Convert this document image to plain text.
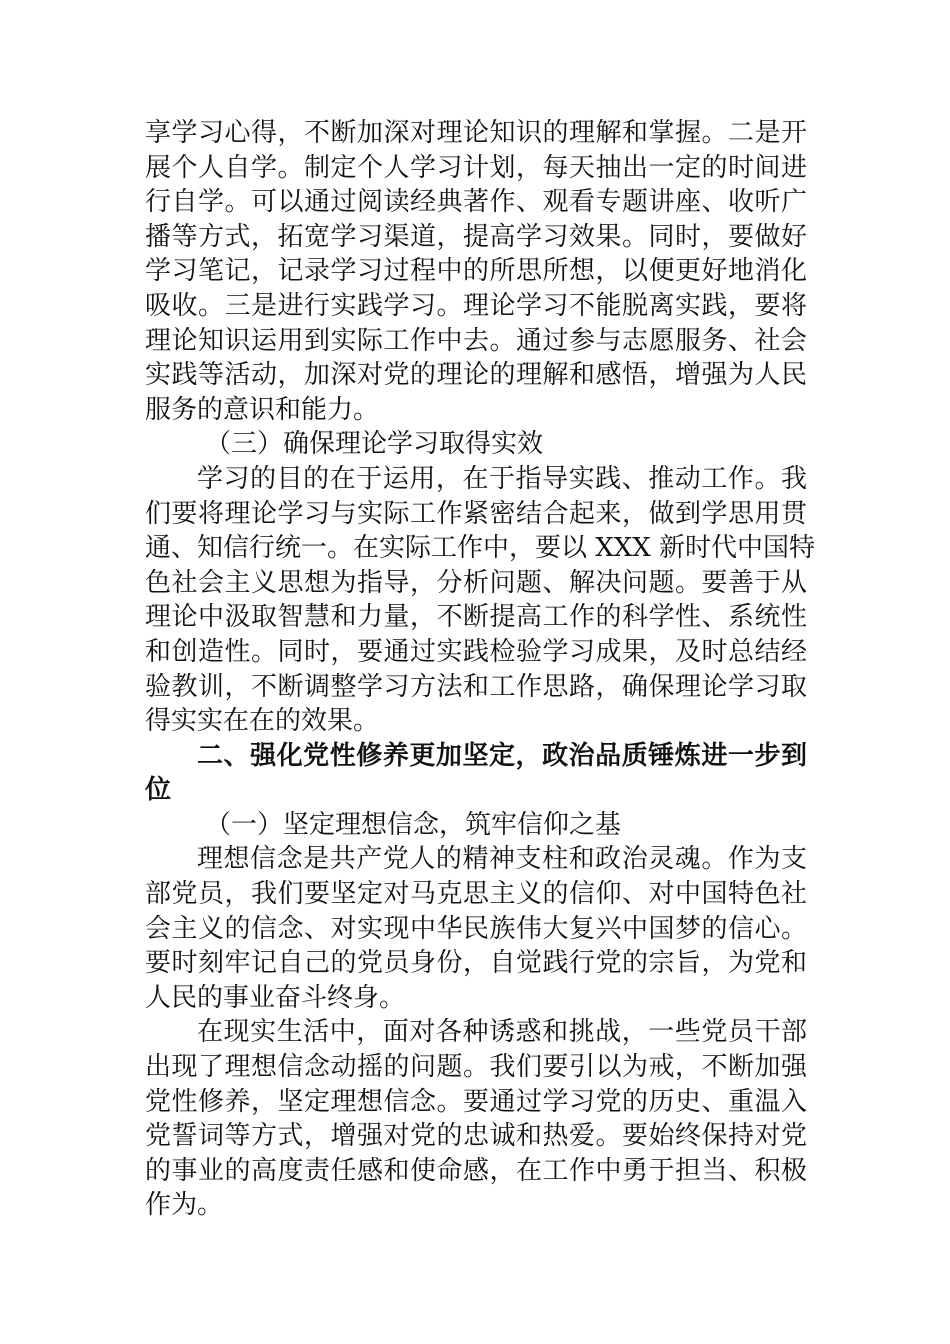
享学习心得，不断加深对理论知识的理解和掌握。二是开
展个人自学。制定个人学习计划，每天抽出一定的时间进
行自学。可以通过阅读经典著作、观看专题讲座、收听广
播等方式，拓宽学习渠道，提高学习效果。同时，要做好
学习笔记，记录学习过程中的所思所想，以便更好地消化
吸收。三是进行实践学习。理论学习不能脱离实践，要将
理论知识运用到实际工作中去。通过参与志愿服务、社会
实践等活动，加深对党的理论的理解和感悟，增强为人民
服务的意识和能力。
（三）确保理论学习取得实效
学习的目的在于运用，在于指导实践、推动工作。我
们要将理论学习与实际工作紧密结合起来，做到学思用贯
通、知信行统一。在实际工作中，要以 XXX 新时代中国特
色社会主义思想为指导，分析问题、解决问题。要善于从
理论中汲取智慧和力量，不断提高工作的科学性、系统性
和创造性。同时，要通过实践检验学习成果，及时总结经
验教训，不断调整学习方法和工作思路，确保理论学习取
得实实在在的效果。
二、强化党性修养更加坚定，政治品质锤炼进一步到
位
（一）坚定理想信念，筑牢信仰之基
理想信念是共产党人的精神支柱和政治灵魂。作为支
部党员，我们要坚定对马克思主义的信仰、对中国特色社
会主义的信念、对实现中华民族伟大复兴中国梦的信心。
要时刻牢记自己的党员身份，自觉践行党的宗旨，为党和
人民的事业奋斗终身。
在现实生活中，面对各种诱惑和挑战，一些党员干部
出现了理想信念动摇的问题。我们要引以为戒，不断加强
党性修养，坚定理想信念。要通过学习党的历史、重温入
党誓词等方式，增强对党的忠诚和热爱。要始终保持对党
的事业的高度责任感和使命感，在工作中勇于担当、积极
作为。
